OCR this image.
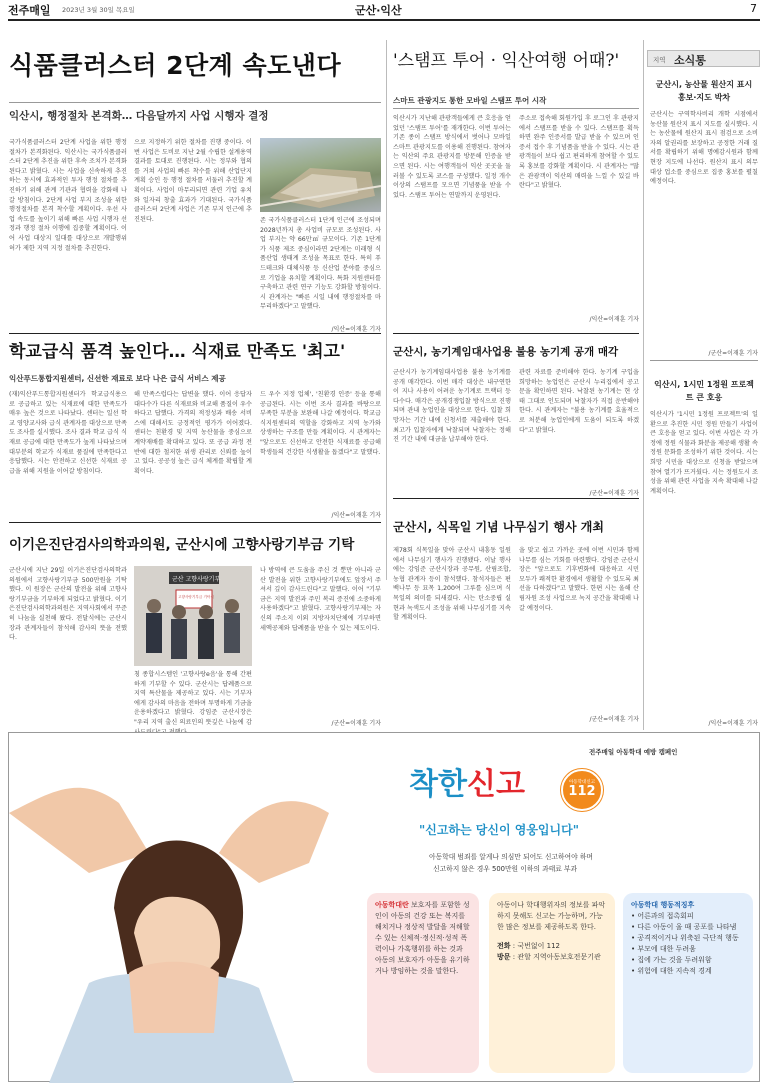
전주매일 2023년 3월 30일 목요일	군산·익산	7
식품클러스터 2단계 속도낸다
익산시, 행정절차 본격화… 다음달까지 사업 시행자 결정
국가식품클러스터 2단계 사업을 위한 행정절차가 본격화된다. 익산시는 국가식품클러스터 2단계 추진을 위한 후속 조치가 본격화된다고 밝혔다. 시는 사업을 신속하게 추진하는 동시에 효과적인 투자 행정 절차를 추진하기 위해 관계 기관과 협력을 강화해 나갈 방침이다. 2단계 사업 부지 조성을 위한 행정절차를 본격 착수할 계획이다. 우선 사업 속도를 높이기 위해 빠른 사업 시행자 선정과 행정 절차 이행에 집중할 계획이다. 이어 사업 대상지 일대를 대상으로 개발행위 허가 제한 지역 지정 절차를 추진한다.
으로 지정하기 위한 절차를 진행 중이다. 이번 사업은 도비로 지난 2월 수립한 설계용역 결과를 토대로 진행된다. 시는 정부와 협의를 거쳐 사업의 빠른 착수를 위해 산업단지 계획 승인 등 행정 절차를 서둘러 추진할 계획이다. 사업이 마무리되면 관련 기업 유치와 일자리 창출 효과가 기대된다. 국가식품클러스터 2단계 사업은 기존 부지 인근에 추진된다.	존 국가식품클러스터 1단계 인근에 조성되며 2028년까지 총 사업비 규모로 조성된다. 사업 부지는 약 66만㎡ 규모이다. 기존 1단계가 식품 제조 중심이라면 2단계는 미래형 식품산업 생태계 조성을 목표로 한다. 특히 푸드테크와 대체식품 등 신산업 분야를 중심으로 기업을 유치할 계획이다. 특화 지원센터를 구축하고 관련 연구 기능도 강화할 방침이다. 시 관계자는 "빠른 시일 내에 행정절차를 마무리하겠다"고 말했다.
/익산=이재훈 기자
학교급식 품격 높인다… 식재료 만족도 '최고'
익산푸드통합지원센터, 신선한 재료로 보다 나은 급식 서비스 제공
(재)익산푸드통합지원센터가 학교급식용으로 공급하고 있는 식재료에 대한 만족도가 매우 높은 것으로 나타났다. 센터는 일선 학교 영양교사와 급식 관계자를 대상으로 만족도 조사를 실시했다. 조사 결과 학교 급식 식재료 공급에 대한 만족도가 높게 나타났으며 대부분의 학교가 식재료 품질에 만족한다고 응답했다. 시는 안전하고 신선한 식재료 공급을 위해 지원을 이어갈 방침이다.
해 만족스럽다는 답변을 했다. 이어 응답자 대다수가 다른 식재료와 비교해 품질이 우수하다고 답했다. 가격의 적정성과 배송 서비스에 대해서도 긍정적인 평가가 이어졌다. 센터는 친환경 및 지역 농산물을 중심으로 계약재배를 확대하고 있다. 또 공급 과정 전반에 대한 철저한 위생 관리로 신뢰를 높이고 있다. 공공성 높은 급식 체계를 확립할 계획이다.
드 우수 지정 업체', '친환경 인증' 등을 통해 공급된다. 시는 이번 조사 결과를 바탕으로 부족한 부분을 보완해 나갈 예정이다. 학교급식지원센터의 역할을 강화하고 지역 농가와 상생하는 구조를 만들 계획이다. 시 관계자는 "앞으로도 신선하고 안전한 식재료를 공급해 학생들의 건강한 식생활을 돕겠다"고 말했다.
/익산=이재훈 기자
이기은진단검사의학과의원, 군산시에 고향사랑기부금 기탁
군산시에 지난 29일 이기은진단검사의학과의원에서 고향사랑기부금 500만원을 기탁했다. 이 원장은 군산의 발전을 위해 고향사랑기부금을 기부하게 되었다고 밝혔다. 이기은진단검사의학과의원은 지역사회에서 꾸준히 나눔을 실천해 왔다. 전달식에는 군산시장과 관계자들이 참석해 감사의 뜻을 전했다.
군산 고향사랑기부
고향사랑기부금 기탁식
나 방역에 큰 도움을 주신 것 뿐만 아니라 군산 발전을 위한 고향사랑기부에도 앞장서 주셔서 깊이 감사드린다"고 말했다. 이어 "기부금은 지역 발전과 주민 복리 증진에 소중하게 사용하겠다"고 밝혔다. 고향사랑기부제는 자신의 주소지 이외 지방자치단체에 기부하면 세액공제와 답례품을 받을 수 있는 제도이다.
칭 종합시스템인 '고향사랑e음'을 통해 간편하게 기부할 수 있다. 군산시는 답례품으로 지역 특산물을 제공하고 있다. 시는 기부자에게 감사의 마음을 전하며 투명하게 기금을 운용하겠다고 밝혔다. 강임준 군산시장은 "우리 지역 출신 의료인의 뜻깊은 나눔에 감	/군산=이재훈 기자
'스탬프 투어 · 익산여행 어때?'
스마트 관광지도 통한 모바일 스탬프 투어 시작
익산시가 지난해 관광객들에게 큰 호응을 얻었던 '스탬프 투어'를 재개한다. 이번 투어는 기존 종이 스탬프 방식에서 벗어나 모바일 스마트 관광지도를 이용해 진행된다. 참여자는 익산의 주요 관광지를 방문해 인증을 받으면 된다. 시는 여행객들이 익산 곳곳을 둘러볼 수 있도록 코스를 구성했다. 일정 개수 이상의 스탬프를 모으면 기념품을 받을 수 있다. 스탬프 투어는 연말까지 운영된다.
주소로 접속해 회원가입 후 로그인 후 관광지에서 스탬프를 받을 수 있다. 스탬프를 획득하면 완주 인증서를 발급 받을 수 있으며 인증서 접수 후 기념품을 받을 수 있다. 시는 관광객들이 보다 쉽고 편리하게 참여할 수 있도록 홍보를 강화할 계획이다. 시 관계자는 "많은 관광객이 익산의 매력을 느낄 수 있길 바란다"고 밝혔다.
/익산=이재훈 기자
군산시, 농기계임대사업용 불용 농기계 공개 매각
군산시가 농기계임대사업용 불용 농기계를 공개 매각한다. 이번 매각 대상은 내구연한이 지나 사용이 어려운 농기계로 트랙터 등 다수다. 매각은 공개경쟁입찰 방식으로 진행되며 관내 농업인을 대상으로 한다. 입찰 희망자는 기간 내에 신청서를 제출해야 한다. 최고가 입찰자에게 낙찰되며 낙찰자는 정해진 기간 내에 대금을 납부해야 한다.
관련 자료를 준비해야 한다. 농기계 구입을 희망하는 농업인은 군산시 누리집에서 공고문을 확인하면 된다. 낙찰된 농기계는 현 상태 그대로 인도되며 낙찰자가 직접 운반해야 한다. 시 관계자는 "불용 농기계를 효율적으로 처분해 농업인에게 도움이 되도록 하겠다"고 밝혔다.
/군산=이재훈 기자
군산시, 식목일 기념 나무심기 행사 개최
제78회 식목일을 맞아 군산시 내흥동 일원에서 나무심기 행사가 진행됐다. 이날 행사에는 강임준 군산시장과 공무원, 산림조합, 농협 관계자 등이 참석했다. 참석자들은 편백나무 등 묘목 1,200여 그루를 심으며 식목일의 의미를 되새겼다. 시는 탄소중립 실현과 녹색도시 조성을 위해 나무심기를 지속할 계획이다.
을 맞고 쉽고 가까운 곳에 이번 시민과 함께 나무를 심는 기회를 마련했다. 강임준 군산시장은 "앞으로도 기후변화에 대응하고 시민 모두가 쾌적한 환경에서 생활할 수 있도록 최선을 다하겠다"고 말했다. 한편 시는 올해 산림자원 조성 사업으로 녹지 공간을 확대해 나갈 예정이다.
/군산=이재훈 기자
지역 소식통
군산시, 농산물 원산지 표시 홍보·지도 박차
군산시는 구역학사비리 개학 시점에서 농산물 원산지 표시 지도를 실시했다. 시는 농산물에 원산지 표시 점검으로 소비자의 알권리를 보장하고 공정한 거래 질서를 확립하기 위해 명예감시원과 함께 현장 지도에 나선다. 원산지 표시 의무 대상 업소를 중심으로 집중 홍보를 펼칠 예정이다.
/군산=이재훈 기자
익산시, 1시민 1정원 프로젝트 큰 호응
익산시가 '1시민 1정원 프로젝트'의 일환으로 추진한 시민 정원 만들기 사업이 큰 호응을 얻고 있다. 이번 사업은 각 가정에 정원 식물과 화분을 제공해 생활 속 정원 문화를 조성하기 위한 것이다. 시는 희망 시민을 대상으로 신청을 받았으며 참여 열기가 뜨거웠다. 시는 정원도시 조성을 위해 관련 사업을 지속 확대해 나갈 계획이다.
/익산=이재훈 기자
전주매일 아동학대 예방 캠페인
착한신고	아동학대신고
112
"신고하는 당신이 영웅입니다"
아동학대 범죄를 알게나 의심만 되어도 신고하여야 하며
신고하지 않은 경우 500만원 이하의 과태료 부과
아동학대란 보호자를 포함한 성인이 아동의 건강 또는 복지를 해치거나 정상적 발달을 저해할 수 있는 신체적·정신적·성적 폭력이나 가혹행위를 하는 것과 아동의 보호자가 아동을 유기하거나 방임하는 것을 말한다.
아동이나 학대행위자의 정보를 파악하지 못해도 신고는 가능하며, 가능한 많은 정보를 제공하도록 한다.
전화 : 국번없이 112
방문 : 관할 지역아동보호전문기관
아동학대 행동적징후
• 어른과의 접촉회피
• 다른 아동이 울 때 공포를 나타냄
• 공격적이거나 위축된 극단적 행동
• 부모에 대한 두려움
• 집에 가는 것을 두려워함
• 위험에 대한 지속적 경계
